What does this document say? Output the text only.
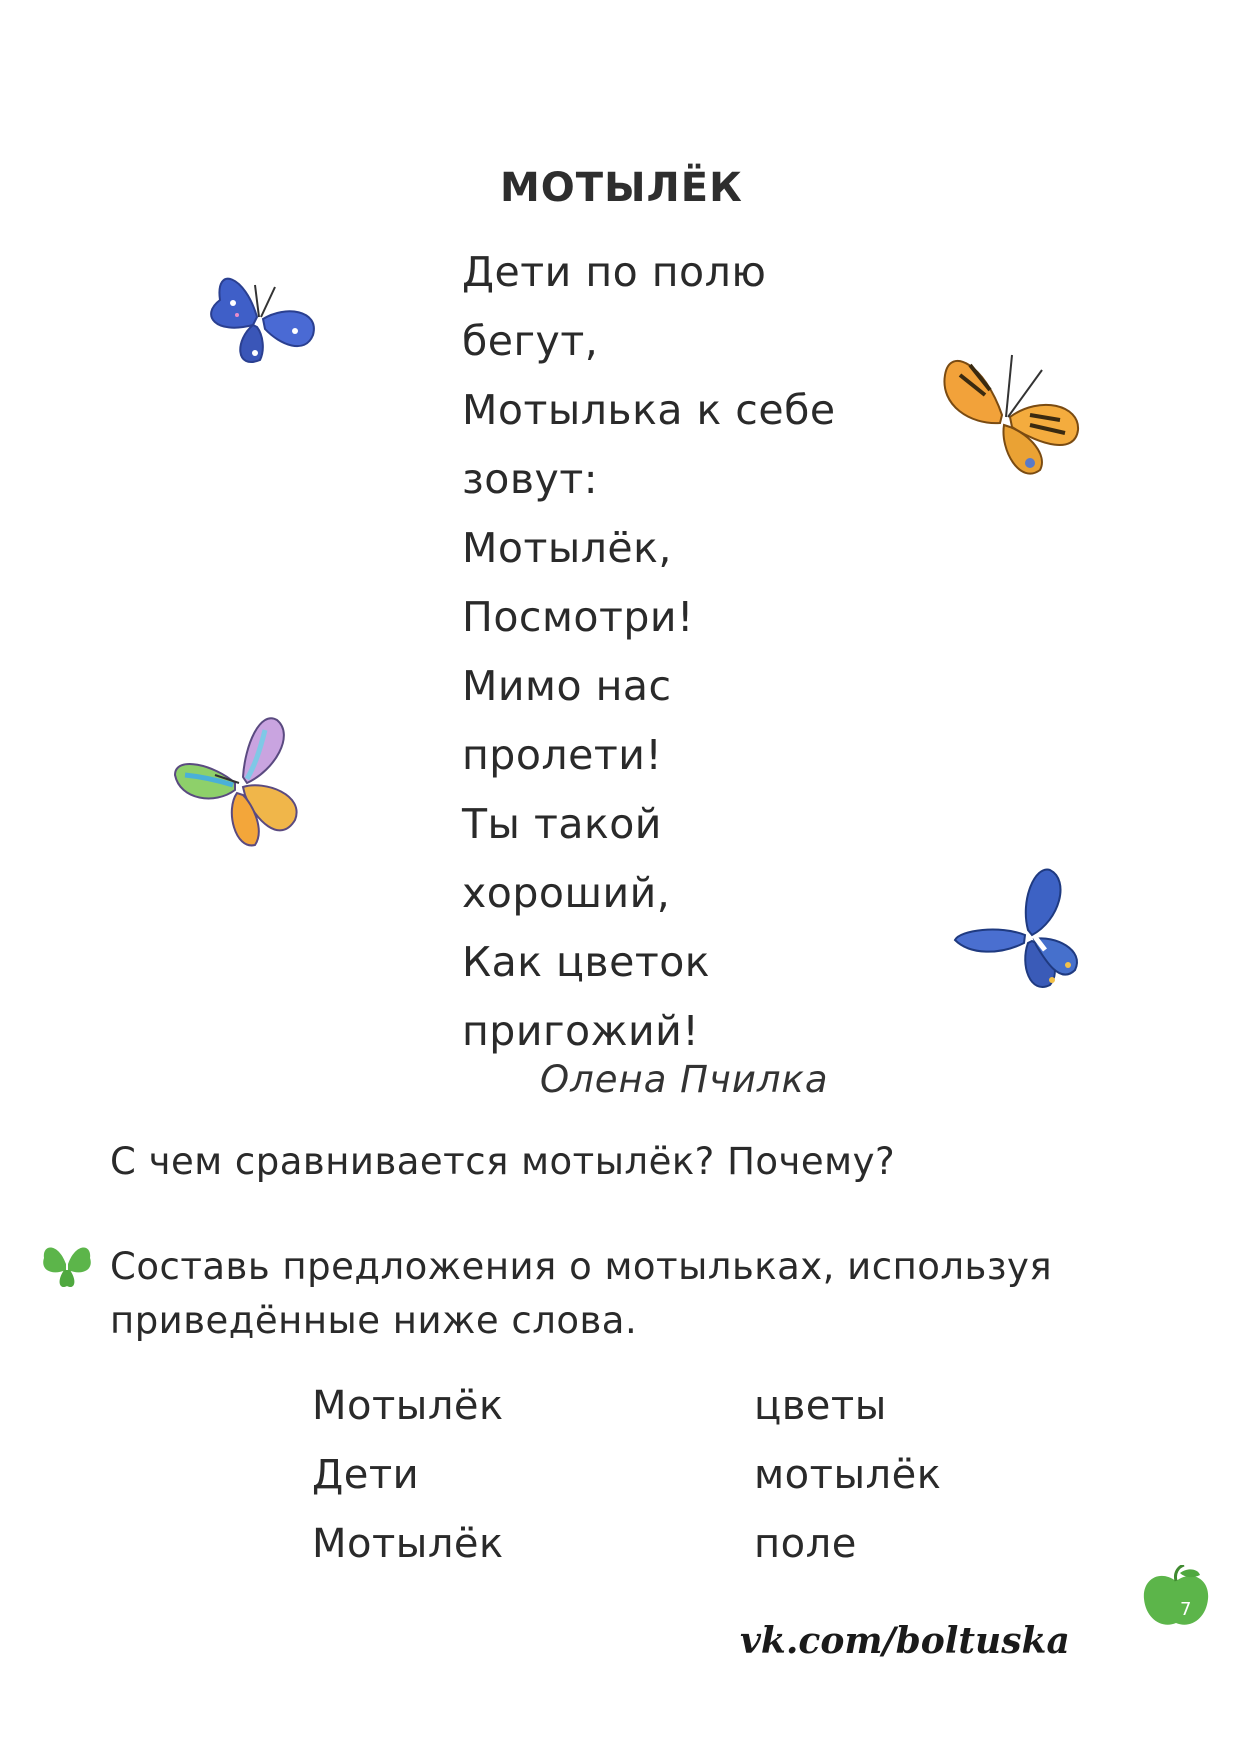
МОТЫЛЁК
Дети по полю
бегут,
Мотылька к себе
зовут:
Мотылёк,
Посмотри!
Мимо нас
пролети!
Ты такой
хороший,
Как цветок
пригожий!
Олена Пчилка
С чем сравнивается мотылёк? Почему?
Составь предложения о мотыльках, используя
приведённые ниже слова.
Мотылёк
Дети
Мотылёк
цветы
мотылёк
поле
7
vk.com/boltuska
